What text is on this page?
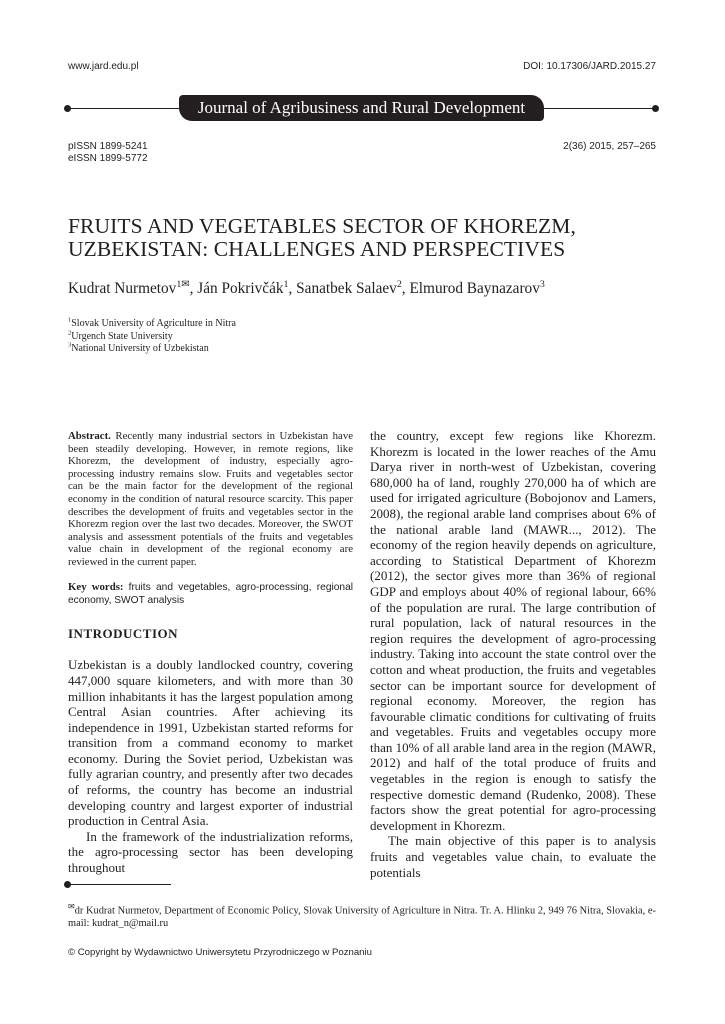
www.jard.edu.pl	DOI: 10.17306/JARD.2015.27
Journal of Agribusiness and Rural Development
pISSN 1899-5241
eISSN 1899-5772
2(36) 2015, 257–265
FRUITS AND VEGETABLES SECTOR OF KHOREZM,
UZBEKISTAN: CHALLENGES AND PERSPECTIVES
Kudrat Nurmetov$^{1✉}$, Ján Pokrivčák$^1$, Sanatbek Salaev$^2$, Elmurod Baynazarov$^3$
$^1$Slovak University of Agriculture in Nitra
$^2$Urgench State University
$^3$National University of Uzbekistan

Abstract. Recently many industrial sectors in Uzbekistan have been steadily developing. However, in remote regions, like Khorezm, the development of industry, especially agro-processing industry remains slow. Fruits and vegetables sector can be the main factor for the development of the regional economy in the condition of natural resource scarcity. This paper describes the development of fruits and vegetables sector in the Khorezm region over the last two decades. Moreover, the SWOT analysis and assessment potentials of the fruits and vegetables value chain in development of the regional economy are reviewed in the current paper.

Key words: fruits and vegetables, agro-processing, regional economy, SWOT analysis

INTRODUCTION

Uzbekistan is a doubly landlocked country, covering 447,000 square kilometers, and with more than 30 million inhabitants it has the largest population among Central Asian countries. After achieving its independence in 1991, Uzbekistan started reforms for transition from a command economy to market economy. During the Soviet period, Uzbekistan was fully agrarian country, and presently after two decades of reforms, the country has become an industrial developing country and largest exporter of industrial production in Central Asia.

In the framework of the industrialization reforms, the agro-processing sector has been developing throughout

the country, except few regions like Khorezm. Khorezm is located in the lower reaches of the Amu Darya river in north-west of Uzbekistan, covering 680,000 ha of land, roughly 270,000 ha of which are used for irrigated agriculture (Bobojonov and Lamers, 2008), the regional arable land comprises about 6% of the national arable land (MAWR..., 2012). The economy of the region heavily depends on agriculture, according to Statistical Department of Khorezm (2012), the sector gives more than 36% of regional GDP and employs about 40% of regional labour, 66% of the population are rural. The large contribution of rural population, lack of natural resources in the region requires the development of agro-processing industry. Taking into account the state control over the cotton and wheat production, the fruits and vegetables sector can be important source for development of regional economy. Moreover, the region has favourable climatic conditions for cultivating of fruits and vegetables. Fruits and vegetables occupy more than 10% of all arable land area in the region (MAWR, 2012) and half of the total produce of fruits and vegetables in the region is enough to satisfy the respective domestic demand (Rudenko, 2008). These factors show the great potential for agro-processing development in Khorezm.

The main objective of this paper is to analysis fruits and vegetables value chain, to evaluate the potentials

✉dr Kudrat Nurmetov, Department of Economic Policy, Slovak University of Agriculture in Nitra. Tr. A. Hlinku 2, 949 76 Nitra, Slovakia, e-mail: kudrat_n@mail.ru
© Copyright by Wydawnictwo Uniwersytetu Przyrodniczego w Poznaniu
